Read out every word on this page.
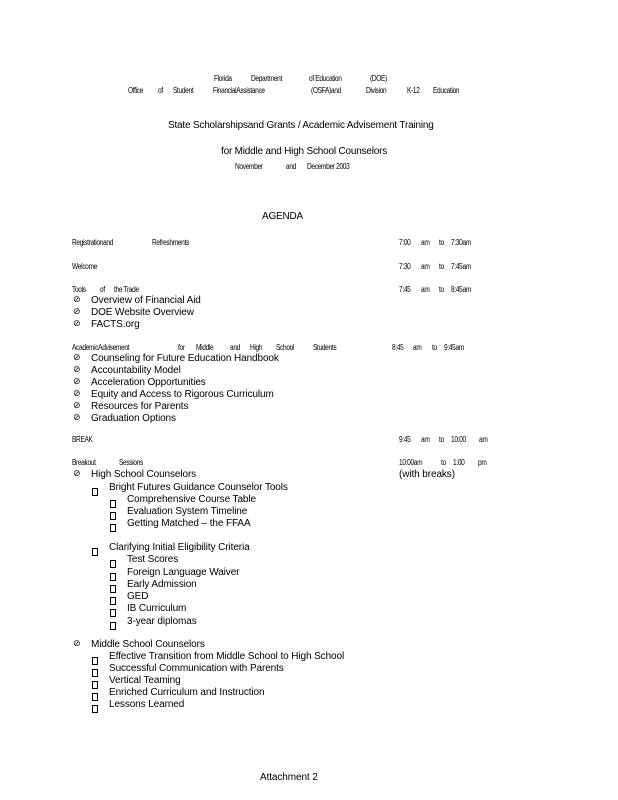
Florida Department	of Education	(DOE)
Office of Student FinancialAssistance	(OSFA)and	Division	K-12 Education
State Scholarshipsand Grants / Academic Advisement Training
for Middle and High School Counselors
November	and December 2003
AGENDA
Registrationand	Refreshments	7:00 am to 7:30am
Welcome	7:30 am to 7:45am
Tools of the Trade	7:45 am to 8:45am
⊘ Overview of Financial Aid
⊘ DOE Website Overview
⊘ FACTS.org
AcademicAdvisement	for Middle and High School Students	8:45 am to 9:45am
⊘ Counseling for Future Education Handbook
⊘ Accountability Model
⊘ Acceleration Opportunities
⊘ Equity and Access to Rigorous Curriculum
⊘ Resources for Parents
⊘ Graduation Options
BREAK	9:45 am to 10:00 am
Breakout	Sessions	10:00am to 1:00 pm
(with breaks)
⊘ High School Counselors
Bright Futures Guidance Counselor Tools
Comprehensive Course Table
Evaluation System Timeline
Getting Matched – the FFAA
Clarifying Initial Eligibility Criteria
Test Scores
Foreign Language Waiver
Early Admission
GED
IB Curriculum
3-year diplomas
⊘ Middle School Counselors
Effective Transition from Middle School to High School
Successful Communication with Parents
Vertical Teaming
Enriched Curriculum and Instruction
Lessons Learned
Attachment 2
